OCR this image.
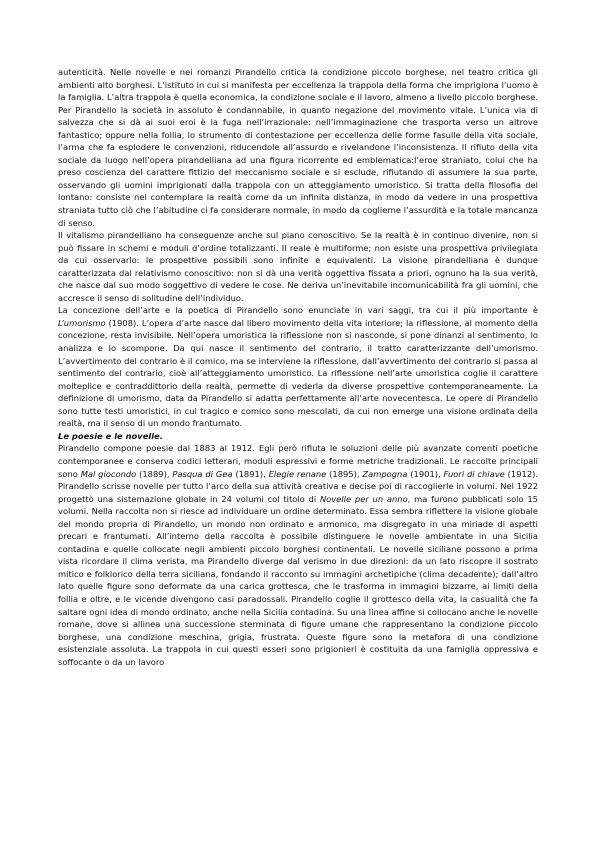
autenticità. Nelle novelle e nei romanzi Pirandello critica la condizione piccolo borghese, nel teatro critica gli ambienti alto borghesi. L’istituto in cui si manifesta per eccellenza la trappola della forma che imprigiona l’uomo è la famiglia. L’altra trappola è quella economica, la condizione sociale e il lavoro, almeno a livello piccolo borghese. Per Pirandello la società in assoluto è condannabile, in quanto negazione del movimento vitale. L’unica via di salvezza che si dà ai suoi eroi è la fuga nell’irrazionale: nell’immaginazione che trasporta verso un altrove fantastico; oppure nella follia, lo strumento di contestazione per eccellenza delle forme fasulle della vita sociale, l’arma che fa esplodere le convenzioni, riducendole all’assurdo e rivelandone l’inconsistenza. Il rifiuto della vita sociale da luogo nell’opera pirandelliana ad una figura ricorrente ed emblematica:l’eroe straniato, colui che ha preso coscienza del carattere fittizio del meccanismo sociale e si esclude, rifiutando di assumere la sua parte, osservando gli uomini imprigionati dalla trappola con un atteggiamento umoristico. Si tratta della filosofia del lontano: consiste nel contemplare la realtà come da un infinita distanza, in modo da vedere in una prospettiva straniata tutto ciò che l’abitudine ci fa considerare normale, in modo da coglierne l’assurdità e la totale mancanza di senso.

Il vitalismo pirandelliano ha conseguenze anche sul piano conoscitivo. Se la realtà è in continuo divenire, non si può fissare in schemi e moduli d’ordine totalizzanti. Il reale è multiforme; non esiste una prospettiva privilegiata da cui osservarlo: le prospettive possibili sono infinite e equivalenti. La visione pirandelliana è dunque caratterizzata dal relativismo conoscitivo: non si dà una verità oggettiva fissata a priori, ognuno ha la sua verità, che nasce dal suo modo soggettivo di vedere le cose. Ne deriva un’inevitabile incomunicabilità fra gli uomini, che accresce il senso di solitudine dell’individuo.

La concezione dell’arte e la poetica di Pirandello sono enunciate in vari saggi, tra cui il più importante è L’umorismo (1908). L’opera d’arte nasce dal libero movimento della vita interiore; la riflessione, al momento della concezione, resta invisibile. Nell’opera umoristica la riflessione non si nasconde, si pone dinanzi al sentimento, lo analizza e lo scompone. Da qui nasce il sentimento del contrario, il tratto caratterizzante dell’umorismo. L’avvertimento del contrario è il comico, ma se interviene la riflessione, dall’avvertimento del contrario si passa al sentimento del contrario, cioè all’atteggiamento umoristico. La riflessione nell’arte umoristica coglie il carattere molteplice e contraddittorio della realtà, permette di vederla da diverse prospettive contemporaneamente. La definizione di umorismo, data da Pirandello si adatta perfettamente all’arte novecentesca. Le opere di Pirandello sono tutte testi umoristici, in cui tragico e comico sono mescolati, da cui non emerge una visione ordinata della realtà, ma il senso di un mondo frantumato.

Le poesie e le novelle.

Pirandello compone poesie dal 1883 al 1912. Egli però rifiuta le soluzioni delle più avanzate correnti poetiche contemporanee e conserva codici letterari, moduli espressivi e forme metriche tradizionali. Le raccolte principali sono Mal giocondo (1889), Pasqua di Gea (1891), Elegie renane (1895), Zampogna (1901), Fuori di chiave (1912). Pirandello scrisse novelle per tutto l’arco della sua attività creativa e decise poi di raccoglierle in volumi. Nel 1922 progettò una sistemazione globale in 24 volumi col titolo di Novelle per un anno, ma furono pubblicati solo 15 volumi. Nella raccolta non si riesce ad individuare un ordine determinato. Essa sembra riflettere la visione globale del mondo propria di Pirandello, un mondo non ordinato e armonico, ma disgregato in una miriade di aspetti precari e frantumati. All’interno della raccolta è possibile distinguere le novelle ambientate in una Sicilia contadina e quelle collocate negli ambienti piccolo borghesi continentali. Le novelle siciliane possono a prima vista ricordare il clima verista, ma Pirandello diverge dal verismo in due direzioni: da un lato riscopre il sostrato mitico e folklorico della terra siciliana, fondando il racconto su immagini archetipiche (clima decadente); dall’altro lato quelle figure sono deformate da una carica grottesca, che le trasforma in immagini bizzarre, ai limiti della follia e oltre, e le vicende divengono casi paradossali. Pirandello coglie il grottesco della vita, la casualità che fa saltare ogni idea di mondo ordinato, anche nella Sicilia contadina. Su una linea affine si collocano anche le novelle romane, dove si allinea una successione sterminata di figure umane che rappresentano la condizione piccolo borghese, una condizione meschina, grigia, frustrata. Queste figure sono la metafora di una condizione esistenziale assoluta. La trappola in cui questi esseri sono prigionieri è costituita da una famiglia oppressiva e soffocante o da un lavoro
